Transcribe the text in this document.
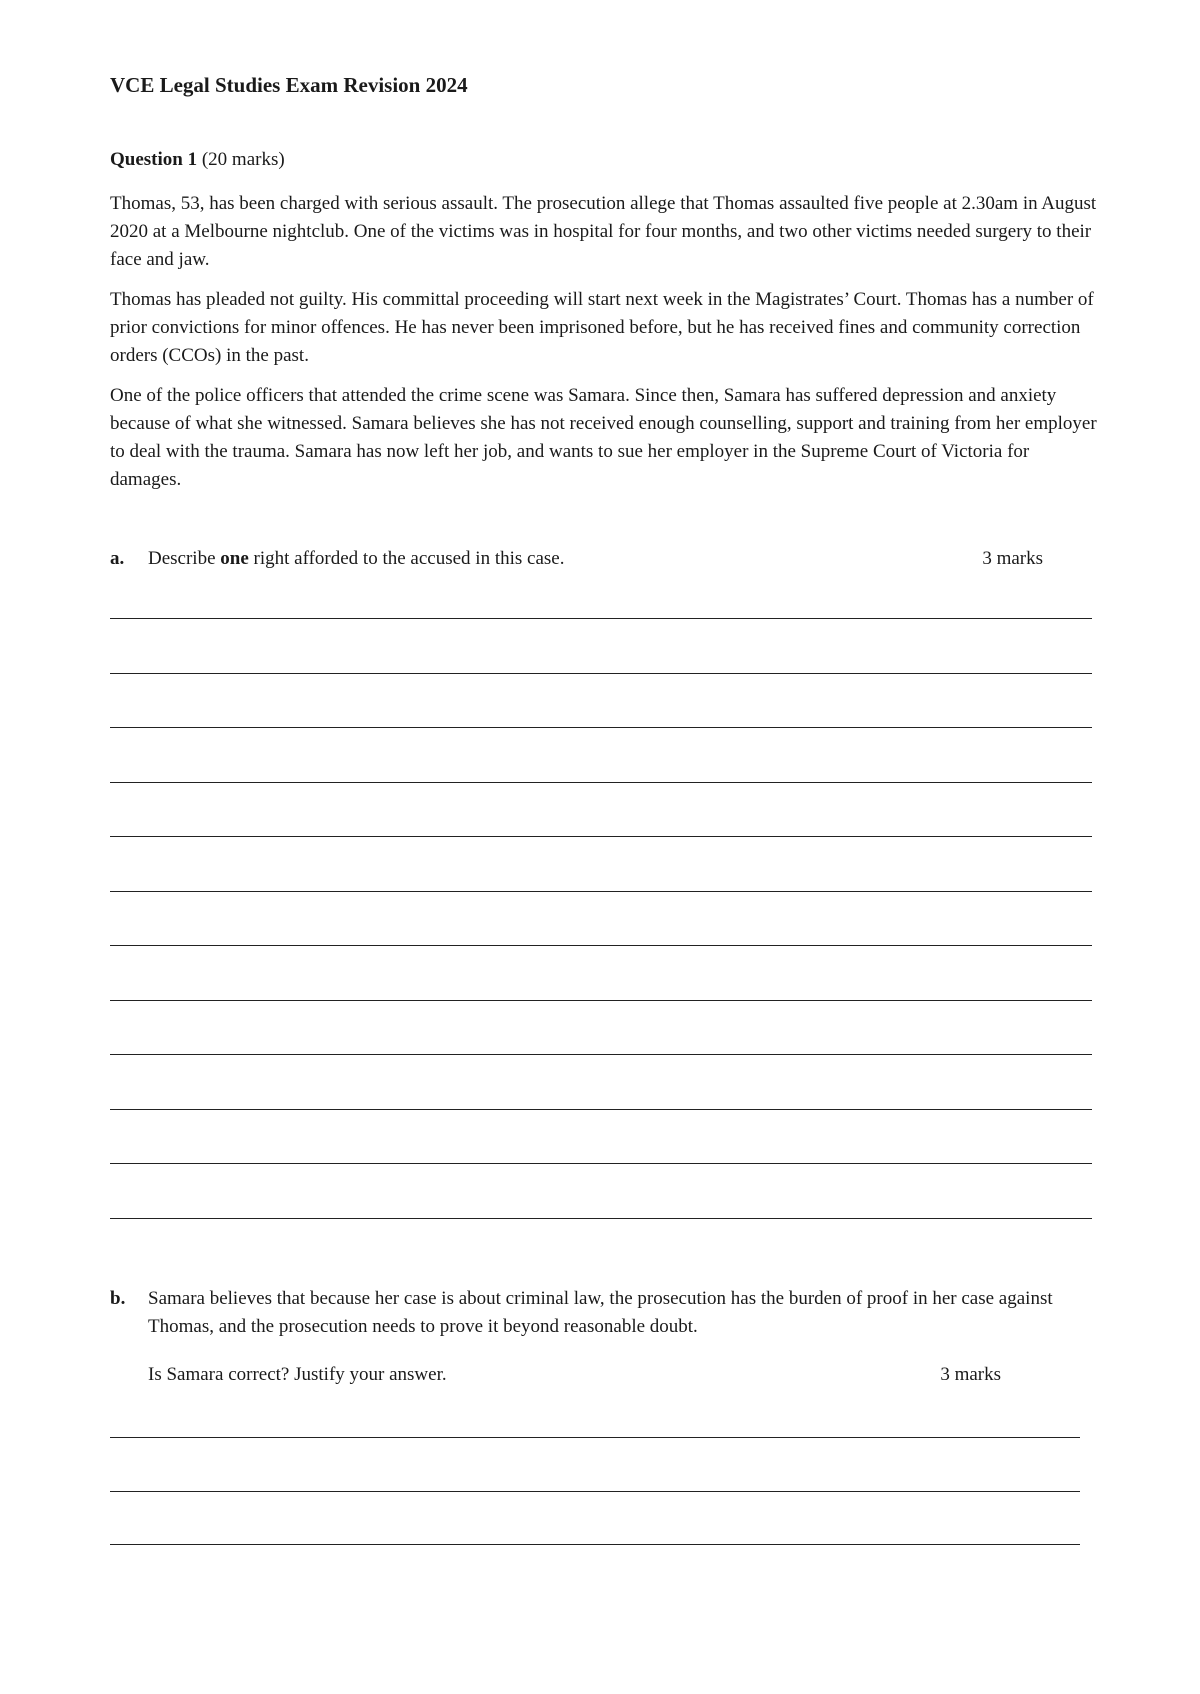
VCE Legal Studies Exam Revision 2024

Question 1 (20 marks)

Thomas, 53, has been charged with serious assault. The prosecution allege that Thomas assaulted five people at 2.30am in August 2020 at a Melbourne nightclub. One of the victims was in hospital for four months, and two other victims needed surgery to their face and jaw.

Thomas has pleaded not guilty. His committal proceeding will start next week in the Magistrates’ Court. Thomas has a number of prior convictions for minor offences. He has never been imprisoned before, but he has received fines and community correction orders (CCOs) in the past.

One of the police officers that attended the crime scene was Samara. Since then, Samara has suffered depression and anxiety because of what she witnessed. Samara believes she has not received enough counselling, support and training from her employer to deal with the trauma. Samara has now left her job, and wants to sue her employer in the Supreme Court of Victoria for damages.

a. Describe one right afforded to the accused in this case.	3 marks
b. Samara believes that because her case is about criminal law, the prosecution has the burden of proof in her case against Thomas, and the prosecution needs to prove it beyond reasonable doubt.
Is Samara correct? Justify your answer.	3 marks
